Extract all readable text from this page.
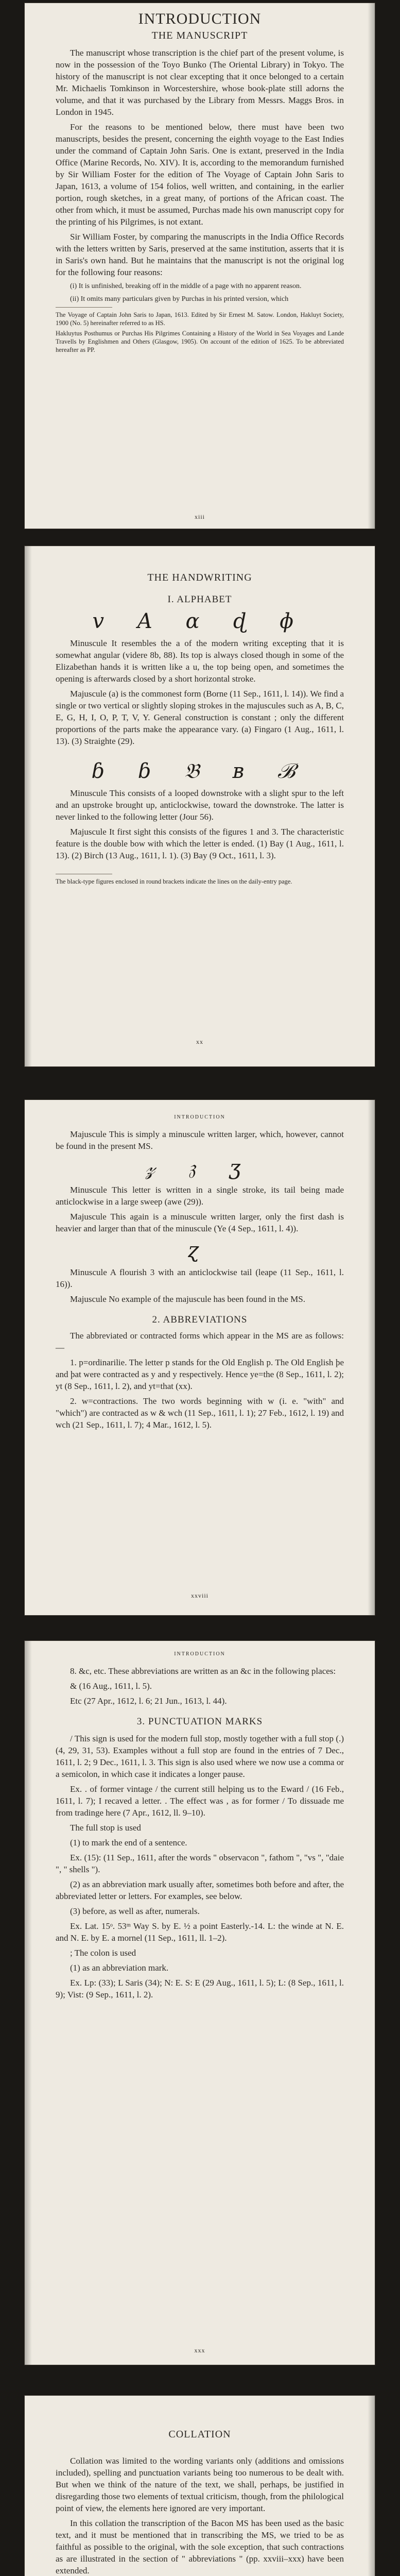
INTRODUCTION
THE MANUSCRIPT

The manuscript whose transcription is the chief part of the present volume, is now in the possession of the Toyo Bunko (The Oriental Library) in Tokyo. The history of the manuscript is not clear excepting that it once belonged to a certain Mr. Michaelis Tomkinson in Worcestershire, whose book-plate still adorns the volume, and that it was purchased by the Library from Messrs. Maggs Bros. in London in 1945.

For the reasons to be mentioned below, there must have been two manuscripts, besides the present, concerning the eighth voyage to the East Indies under the command of Captain John Saris. One is extant, preserved in the India Office (Marine Records, No. XIV). It is, according to the memorandum furnished by Sir William Foster for the edition of The Voyage of Captain John Saris to Japan, 1613, a volume of 154 folios, well written, and containing, in the earlier portion, rough sketches, in a great many, of portions of the African coast. The other from which, it must be assumed, Purchas made his own manuscript copy for the printing of his Pilgrimes, is not extant.

Sir William Foster, by comparing the manuscripts in the India Office Records with the letters written by Saris, preserved at the same institution, asserts that it is in Saris's own hand. But he maintains that the manuscript is not the original log for the following four reasons:

(i) It is unfinished, breaking off in the middle of a page with no apparent reason.

(ii) It omits many particulars given by Purchas in his printed version, which

The Voyage of Captain John Saris to Japan, 1613. Edited by Sir Ernest M. Satow. London, Hakluyt Society, 1900 (No. 5) hereinafter referred to as HS.

Hakluytus Posthumus or Purchas His Pilgrimes Containing a History of the World in Sea Voyages and Lande Travells by Englishmen and Others (Glasgow, 1905). On account of the edition of 1625. To be abbreviated hereafter as PP.

xiii
THE HANDWRITING
I. ALPHABET
v A ɑ ɖ ɸ

Minuscule It resembles the a of the modern writing excepting that it is somewhat angular (videre 8b, 88). Its top is always closed though in some of the Elizabethan hands it is written like a u, the top being open, and sometimes the opening is afterwards closed by a short horizontal stroke.

Majuscule (a) is the commonest form (Borne (11 Sep., 1611, l. 14)). We find a single or two vertical or slightly sloping strokes in the majuscules such as A, B, C, E, G, H, I, O, P, T, V, Y. General construction is constant ; only the different proportions of the parts make the appearance vary. (a) Fingaro (1 Aug., 1611, l. 13). (3) Straighte (29).

ɓ ɓ 𝔅 ʙ ℬ

Minuscule This consists of a looped downstroke with a slight spur to the left and an upstroke brought up, anticlockwise, toward the downstroke. The latter is never linked to the following letter (Jour 56).

Majuscule It first sight this consists of the figures 1 and 3. The characteristic feature is the double bow with which the letter is ended. (1) Bay (1 Aug., 1611, l. 13). (2) Birch (13 Aug., 1611, l. 1). (3) Bay (9 Oct., 1611, l. 3).

The black-type figures enclosed in round brackets indicate the lines on the daily-entry page.

xx
INTRODUCTION

Majuscule This is simply a minuscule written larger, which, however, cannot be found in the present MS.

𝓏 𝔷 ʒ

Minuscule This letter is written in a single stroke, its tail being made anticlockwise in a large sweep (awe (29)).

Majuscule This again is a minuscule written larger, only the first dash is heavier and larger than that of the minuscule (Ye (4 Sep., 1611, l. 4)).

ɀ

Minuscule A flourish 3 with an anticlockwise tail (leape (11 Sep., 1611, l. 16)).

Majuscule No example of the majuscule has been found in the MS.

2. ABBREVIATIONS

The abbreviated or contracted forms which appear in the MS are as follows:—

1. p=ordinarilie. The letter p stands for the Old English p. The Old English þe and þat were contracted as y and y respectively. Hence ye=the (8 Sep., 1611, l. 2); yt (8 Sep., 1611, l. 2), and yt=that (xx).

2. w=contractions. The two words beginning with w (i. e. "with" and "which") are contracted as w & wch (11 Sep., 1611, l. 1); 27 Feb., 1612, l. 19) and wch (21 Sep., 1611, l. 7); 4 Mar., 1612, l. 5).

xxviii
INTRODUCTION

8. &c, etc. These abbreviations are written as an &c in the following places:

& (16 Aug., 1611, l. 5).

Etc (27 Apr., 1612, l. 6; 21 Jun., 1613, l. 44).

3. PUNCTUATION MARKS

/ This sign is used for the modern full stop, mostly together with a full stop (.) (4, 29, 31, 53). Examples without a full stop are found in the entries of 7 Dec., 1611, l. 2; 9 Dec., 1611, l. 3. This sign is also used where we now use a comma or a semicolon, in which case it indicates a longer pause.

Ex. . of former vintage / the current still helping us to the Eward / (16 Feb., 1611, l. 7); I recaved a letter. . The effect was , as for former / To dissuade me from tradinge here (7 Apr., 1612, ll. 9–10).

The full stop is used

(1) to mark the end of a sentence.

Ex. (15): (11 Sep., 1611, after the words " observacon ", fathom ", "vs ", "daie ", " shells ").

(2) as an abbreviation mark usually after, sometimes both before and after, the abbreviated letter or letters. For examples, see below.

(3) before, as well as after, numerals.

Ex. Lat. 15ᵒ. 53ᵐ Way S. by E. ½ a point Easterly.-14. L: the winde at N. E. and N. E. by E. a mornel (11 Sep., 1611, ll. 1–2).

; The colon is used

(1) as an abbreviation mark.

Ex. Lp: (33); L Saris (34); N: E. S: E (29 Aug., 1611, l. 5); L: (8 Sep., 1611, l. 9); Vist: (9 Sep., 1611, l. 2).

xxx
COLLATION

Collation was limited to the wording variants only (additions and omissions included), spelling and punctuation variants being too numerous to be dealt with. But when we think of the nature of the text, we shall, perhaps, be justified in disregarding those two elements of textual criticism, though, from the philological point of view, the elements here ignored are very important.

In this collation the transcription of the Bacon MS has been used as the basic text, and it must be mentioned that in transcribing the MS, we tried to be as faithful as possible to the original, with the sole exception, that such contractions as are illustrated in the section of " abbreviations " (pp. xxviii–xxx) have been extended.
